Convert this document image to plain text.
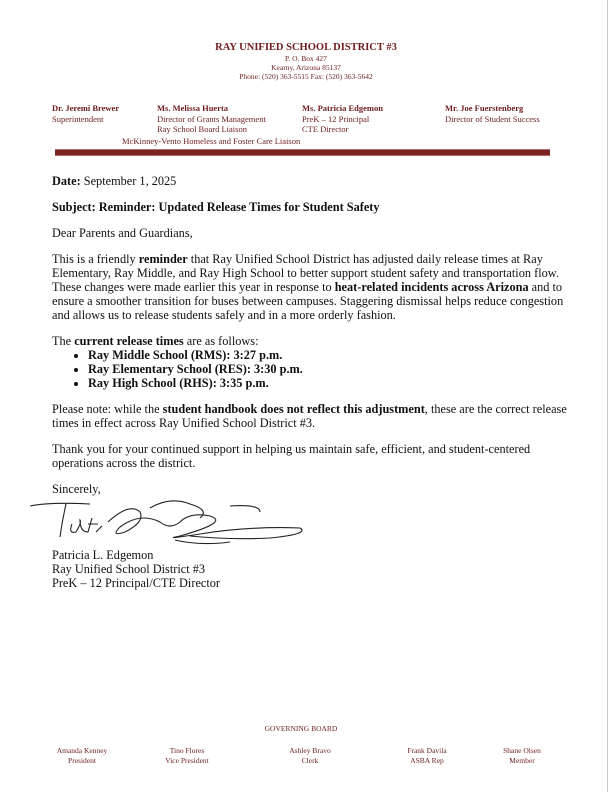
RAY UNIFIED SCHOOL DISTRICT #3
P. O. Box 427
Kearny, Arizona 85137
Phone: (520) 363-5515 Fax: (520) 363-5642
Dr. Jeremi Brewer
Superintendent
Ms. Melissa Huerta
Director of Grants Management
Ray School Board Liaison
Ms. Patricia Edgemon
PreK – 12 Principal
CTE Director
Mr. Joe Fuerstenberg
Director of Student Success
McKinney-Vento Homeless and Foster Care Liaison
Date: September 1, 2025
Subject: Reminder: Updated Release Times for Student Safety
Dear Parents and Guardians,
This is a friendly reminder that Ray Unified School District has adjusted daily release times at Ray Elementary, Ray Middle, and Ray High School to better support student safety and transportation flow. These changes were made earlier this year in response to heat-related incidents across Arizona and to ensure a smoother transition for buses between campuses. Staggering dismissal helps reduce congestion and allows us to release students safely and in a more orderly fashion.
The current release times are as follows:
• Ray Middle School (RMS): 3:27 p.m.
• Ray Elementary School (RES): 3:30 p.m.
• Ray High School (RHS): 3:35 p.m.
Please note: while the student handbook does not reflect this adjustment, these are the correct release times in effect across Ray Unified School District #3.
Thank you for your continued support in helping us maintain safe, efficient, and student-centered operations across the district.
Sincerely,
Patricia L. Edgemon
Ray Unified School District #3
PreK – 12 Principal/CTE Director
GOVERNING BOARD
Amanda Kenney
President
Tino Flores
Vice President
Ashley Bravo
Clerk
Frank Davila
ASBA Rep
Shane Olsen
Member
